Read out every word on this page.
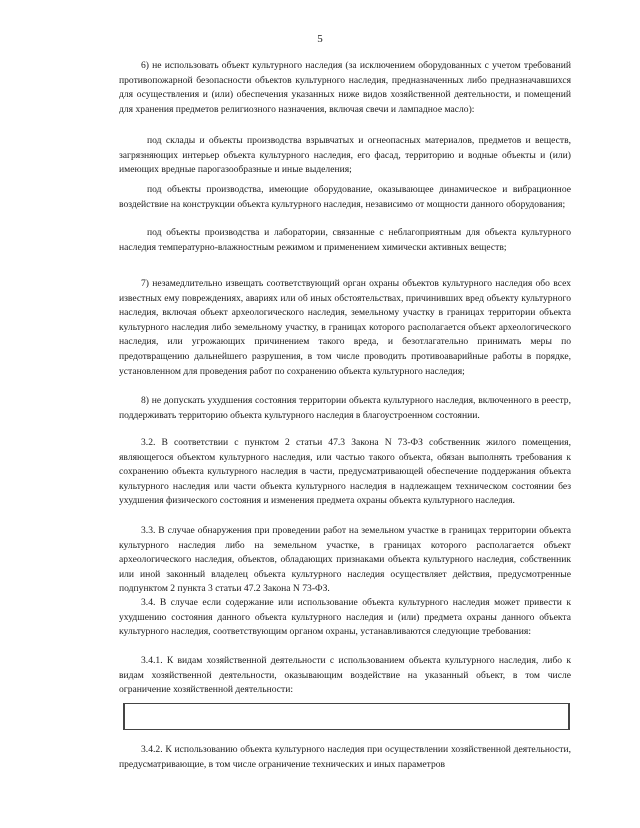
5

6) не использовать объект культурного наследия (за исключением оборудованных с учетом требований противопожарной безопасности объектов культурного наследия, предназначенных либо предназначавшихся для осуществления и (или) обеспечения указанных ниже видов хозяйственной деятельности, и помещений для хранения предметов религиозного назначения, включая свечи и лампадное масло):

под склады и объекты производства взрывчатых и огнеопасных материалов, предметов и веществ, загрязняющих интерьер объекта культурного наследия, его фасад, территорию и водные объекты и (или) имеющих вредные парогазообразные и иные выделения;

под объекты производства, имеющие оборудование, оказывающее динамическое и вибрационное воздействие на конструкции объекта культурного наследия, независимо от мощности данного оборудования;

под объекты производства и лаборатории, связанные с неблагоприятным для объекта культурного наследия температурно-влажностным режимом и применением химически активных веществ;

7) незамедлительно извещать соответствующий орган охраны объектов культурного наследия обо всех известных ему повреждениях, авариях или об иных обстоятельствах, причинивших вред объекту культурного наследия, включая объект археологического наследия, земельному участку в границах территории объекта культурного наследия либо земельному участку, в границах которого располагается объект археологического наследия, или угрожающих причинением такого вреда, и безотлагательно принимать меры по предотвращению дальнейшего разрушения, в том числе проводить противоаварийные работы в порядке, установленном для проведения работ по сохранению объекта культурного наследия;

8) не допускать ухудшения состояния территории объекта культурного наследия, включенного в реестр, поддерживать территорию объекта культурного наследия в благоустроенном состоянии.

3.2. В соответствии с пунктом 2 статьи 47.3 Закона N 73-ФЗ собственник жилого помещения, являющегося объектом культурного наследия, или частью такого объекта, обязан выполнять требования к сохранению объекта культурного наследия в части, предусматривающей обеспечение поддержания объекта культурного наследия или части объекта культурного наследия в надлежащем техническом состоянии без ухудшения физического состояния и изменения предмета охраны объекта культурного наследия.

3.3. В случае обнаружения при проведении работ на земельном участке в границах территории объекта культурного наследия либо на земельном участке, в границах которого располагается объект археологического наследия, объектов, обладающих признаками объекта культурного наследия, собственник или иной законный владелец объекта культурного наследия осуществляет действия, предусмотренные подпунктом 2 пункта 3 статьи 47.2 Закона N 73-ФЗ.

3.4. В случае если содержание или использование объекта культурного наследия может привести к ухудшению состояния данного объекта культурного наследия и (или) предмета охраны данного объекта культурного наследия, соответствующим органом охраны, устанавливаются следующие требования:

3.4.1. К видам хозяйственной деятельности с использованием объекта культурного наследия, либо к видам хозяйственной деятельности, оказывающим воздействие на указанный объект, в том числе ограничение хозяйственной деятельности:

3.4.2. К использованию объекта культурного наследия при осуществлении хозяйственной деятельности, предусматривающие, в том числе ограничение технических и иных параметров
